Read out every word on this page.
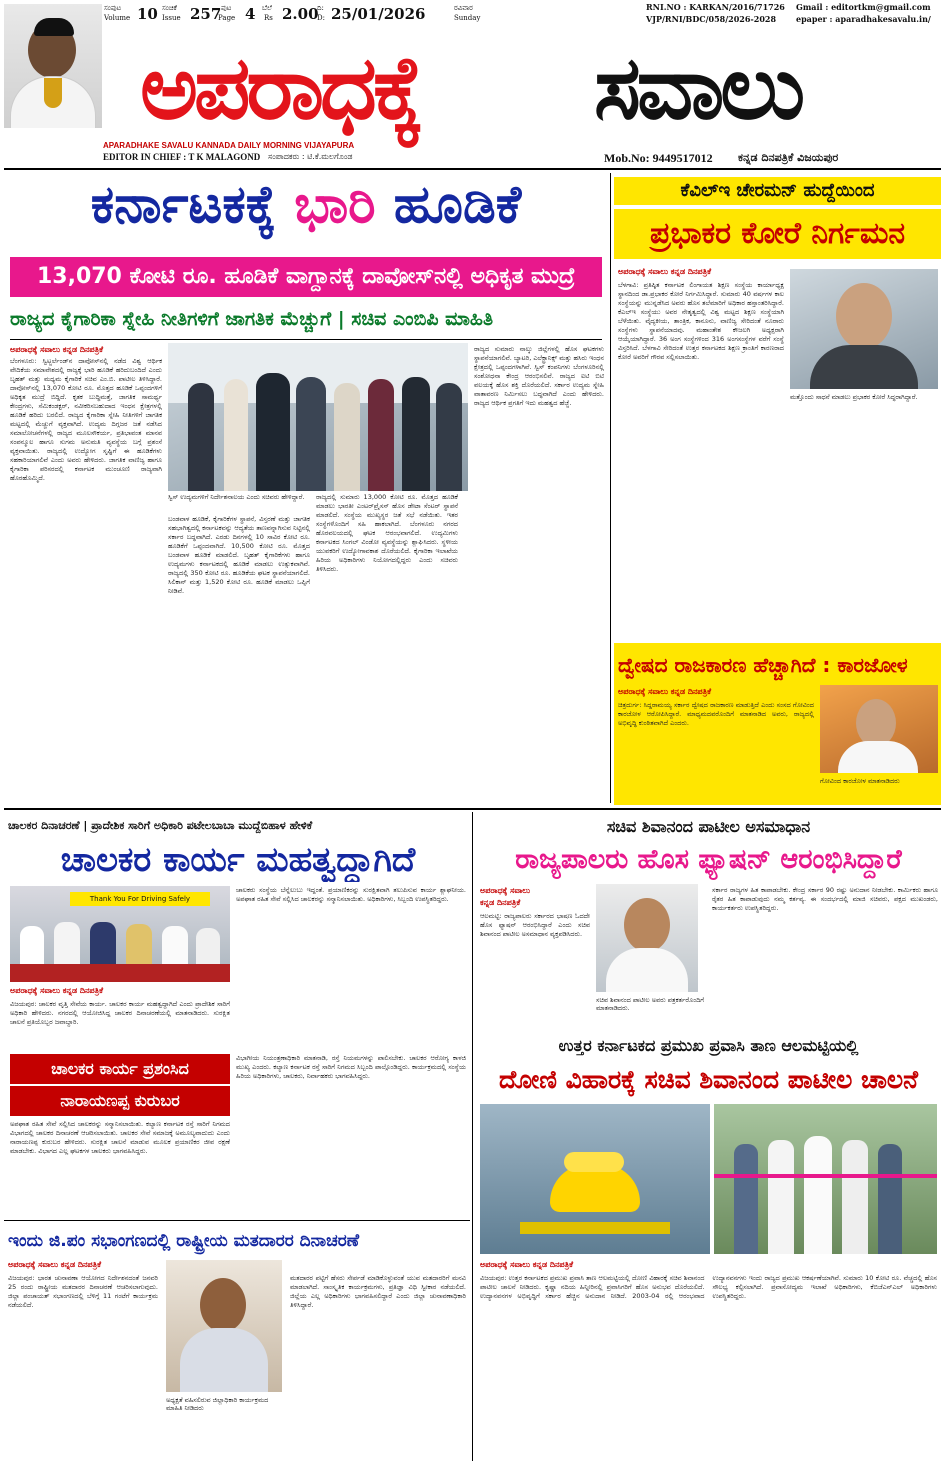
ಸಂಪುಟ
Volume 10 ಸಂಚಿಕೆ
Issue 257 ಪುಟ
Page 4 ಬೆಲೆ
Rs 2.00
ದಿ:
D: 25/01/2026	ರವಿವಾರ
Sunday
RNI.NO : KARKAN/2016/71726
VJP/RNI/BDC/058/2026-2028
Gmail : editortkm@gmail.com
epaper : aparadhakesavalu.in/
ಅಪರಾಧಕ್ಕೆ	ಸವಾಲು
APARADHAKE SAVALU KANNADA DAILY MORNING VIJAYAPURA
EDITOR IN CHIEF : T K MALAGOND ಸಂಪಾದಕರು : ಟಿ.ಕೆ.ಮಲಗೊಂಡ	Mob.No: 9449517012 ಕನ್ನಡ ದಿನಪತ್ರಿಕೆ ವಿಜಯಪುರ
ಕರ್ನಾಟಕಕ್ಕೆ ಭಾರಿ ಹೂಡಿಕೆ
13,070 ಕೋಟಿ ರೂ. ಹೂಡಿಕೆ ವಾಗ್ದಾನಕ್ಕೆ ದಾವೋಸ್‌ನಲ್ಲಿ ಅಧಿಕೃತ ಮುದ್ರೆ
ರಾಜ್ಯದ ಕೈಗಾರಿಕಾ ಸ್ನೇಹಿ ನೀತಿಗಳಿಗೆ ಜಾಗತಿಕ ಮೆಚ್ಚುಗೆ | ಸಚಿವ ಎಂಬಿಪಿ ಮಾಹಿತಿ
ಅಪರಾಧಕ್ಕೆ ಸವಾಲು ಕನ್ನಡ ದಿನಪತ್ರಿಕೆ
ಬೆಂಗಳೂರು: ಸ್ವಿಟ್ಜರ್ಲೆಂಡ್‌ನ ದಾವೋಸ್‌ನಲ್ಲಿ ನಡೆದ ವಿಶ್ವ ಆರ್ಥಿಕ ವೇದಿಕೆಯ ಸಮಾವೇಶದಲ್ಲಿ ರಾಜ್ಯಕ್ಕೆ ಭಾರಿ ಹೂಡಿಕೆ ಹರಿದುಬಂದಿದೆ ಎಂದು ಬೃಹತ್ ಮತ್ತು ಮಧ್ಯಮ ಕೈಗಾರಿಕೆ ಸಚಿವ ಎಂ.ಬಿ. ಪಾಟೀಲ ತಿಳಿಸಿದ್ದಾರೆ. ದಾವೋಸ್‌ನಲ್ಲಿ 13,070 ಕೋಟಿ ರೂ. ಮೊತ್ತದ ಹೂಡಿಕೆ ಒಪ್ಪಂದಗಳಿಗೆ ಅಧಿಕೃತ ಮುದ್ರೆ ಬಿದ್ದಿದೆ. ಕೃತಕ ಬುದ್ಧಿಮತ್ತೆ, ಜಾಗತಿಕ ಸಾಮರ್ಥ್ಯ ಕೇಂದ್ರಗಳು, ಸೆಮಿಕಂಡಕ್ಟರ್, ನವೀಕರಿಸಬಹುದಾದ ಇಂಧನ ಕ್ಷೇತ್ರಗಳಲ್ಲಿ ಹೂಡಿಕೆ ಹರಿದು ಬರಲಿದೆ. ರಾಜ್ಯದ ಕೈಗಾರಿಕಾ ಸ್ನೇಹಿ ನೀತಿಗಳಿಗೆ ಜಾಗತಿಕ ಮಟ್ಟದಲ್ಲಿ ಮೆಚ್ಚುಗೆ ವ್ಯಕ್ತವಾಗಿದೆ. ಉದ್ಯಮ ದಿಗ್ಗಜರ ಜತೆ ನಡೆಸಿದ ಸಮಾಲೋಚನೆಗಳಲ್ಲಿ ರಾಜ್ಯದ ಮೂಲಸೌಕರ್ಯ, ಪ್ರತಿಭಾವಂತ ಮಾನವ ಸಂಪನ್ಮೂಲ ಹಾಗೂ ಸುಗಮ ಅನುಮತಿ ವ್ಯವಸ್ಥೆಯ ಬಗ್ಗೆ ಪ್ರಶಂಸೆ ವ್ಯಕ್ತವಾಯಿತು. ರಾಜ್ಯದಲ್ಲಿ ಉದ್ಯೋಗ ಸೃಷ್ಟಿಗೆ ಈ ಹೂಡಿಕೆಗಳು ಸಹಕಾರಿಯಾಗಲಿವೆ ಎಂದು ಅವರು ಹೇಳಿದರು. ಜಾಗತಿಕ ವಾಣಿಜ್ಯ ಹಾಗೂ ಕೈಗಾರಿಕಾ ಪರಿಸರದಲ್ಲಿ ಕರ್ನಾಟಕ ಮುಂಚೂಣಿ ರಾಜ್ಯವಾಗಿ ಹೊರಹೊಮ್ಮಿದೆ.
ಸ್ವಿಸ್ ಉದ್ಯಮಗಳಿಗೆ ನಿರ್ದೇಶನಾಲಯ ಎಂದು ಸಚಿವರು ಹೇಳಿದ್ದಾರೆ.
ಬಂಡವಾಳ ಹೂಡಿಕೆ, ಕೈಗಾರಿಕೆಗಳ ಸ್ಥಾಪನೆ, ವಿಸ್ತರಣೆ ಮತ್ತು ಜಾಗತಿಕ ಸಹಭಾಗಿತ್ವದಲ್ಲಿ ಕರ್ನಾಟಕವನ್ನು ಆದ್ಯತೆಯ ತಾಣವನ್ನಾಗಿಸುವ ನಿಟ್ಟಿನಲ್ಲಿ ಸರ್ಕಾರ ಬದ್ಧವಾಗಿದೆ. ಎರಡು ದಿನಗಳಲ್ಲಿ 10 ಸಾವಿರ ಕೋಟಿ ರೂ. ಹೂಡಿಕೆಗೆ ಒಪ್ಪಂದವಾಗಿದೆ. 10,500 ಕೋಟಿ ರೂ. ಮೊತ್ತದ ಬಂಡವಾಳ ಹೂಡಿಕೆ ಮಾಡಲಿದೆ. ಬೃಹತ್ ಕೈಗಾರಿಕೆಗಳು ಹಾಗೂ ಉದ್ಯಮಗಳು ಕರ್ನಾಟಕದಲ್ಲಿ ಹೂಡಿಕೆ ಮಾಡಲು ಉತ್ಸುಕವಾಗಿವೆ. ರಾಜ್ಯದಲ್ಲಿ 350 ಕೋಟಿ ರೂ. ಹೂಡಿಕೆಯ ಘಟಕ ಸ್ಥಾಪನೆಯಾಗಲಿದೆ. ಸಿಲಿಕಾನ್ ಮತ್ತು 1,520 ಕೋಟಿ ರೂ. ಹೂಡಿಕೆ ಮಾಡಲು ಒಪ್ಪಿಗೆ ನೀಡಿವೆ.
ರಾಜ್ಯದಲ್ಲಿ ಸುಮಾರು 13,000 ಕೋಟಿ ರೂ. ಮೊತ್ತದ ಹೂಡಿಕೆ ಮಾಡಲು ಭಾರತೀ ಎಂಟರ್‌ಪ್ರೈಸಸ್ ಹೊಸ ಡೇಟಾ ಸೆಂಟರ್ ಸ್ಥಾಪನೆ ಮಾಡಲಿದೆ. ಸಂಸ್ಥೆಯ ಮುಖ್ಯಸ್ಥರ ಜತೆ ಸಭೆ ನಡೆಯಿತು. ಇತರ ಸಂಸ್ಥೆಗಳೊಂದಿಗೆ ಸಹಿ ಹಾಕಲಾಗಿದೆ. ಬೆಂಗಳೂರು ನಗರದ ಹೊರವಲಯದಲ್ಲಿ ಘಟಕ ಆರಂಭವಾಗಲಿದೆ. ಉದ್ಯಮಿಗಳು ಕರ್ನಾಟಕದ ಸಿಂಗಲ್ ವಿಂಡೋ ವ್ಯವಸ್ಥೆಯನ್ನು ಶ್ಲಾಘಿಸಿದರು. ಸ್ಥಳೀಯ ಯುವಕರಿಗೆ ಉದ್ಯೋಗಾವಕಾಶ ದೊರೆಯಲಿದೆ. ಕೈಗಾರಿಕಾ ಇಲಾಖೆಯ ಹಿರಿಯ ಅಧಿಕಾರಿಗಳು ನಿಯೋಗದಲ್ಲಿದ್ದರು ಎಂದು ಸಚಿವರು ತಿಳಿಸಿದರು.
ರಾಜ್ಯದ ಸುಮಾರು ನಾಲ್ಕು ಜಿಲ್ಲೆಗಳಲ್ಲಿ ಹೊಸ ಘಟಕಗಳು ಸ್ಥಾಪನೆಯಾಗಲಿವೆ. ಬ್ಯಾಟರಿ, ಎಲೆಕ್ಟ್ರಾನಿಕ್ಸ್ ಮತ್ತು ಹಸಿರು ಇಂಧನ ಕ್ಷೇತ್ರದಲ್ಲಿ ಒಪ್ಪಂದಗಳಾಗಿವೆ. ಸ್ವಿಸ್ ಕಂಪನಿಗಳು ಬೆಂಗಳೂರಿನಲ್ಲಿ ಸಂಶೋಧನಾ ಕೇಂದ್ರ ಆರಂಭಿಸಲಿವೆ. ರಾಜ್ಯದ ಐಟಿ ಬಿಟಿ ವಲಯಕ್ಕೆ ಹೊಸ ಶಕ್ತಿ ದೊರೆಯಲಿದೆ. ಸರ್ಕಾರ ಉದ್ಯಮ ಸ್ನೇಹಿ ವಾತಾವರಣ ನಿರ್ಮಿಸಲು ಬದ್ಧವಾಗಿದೆ ಎಂದು ಹೇಳಿದರು. ರಾಜ್ಯದ ಆರ್ಥಿಕ ಪ್ರಗತಿಗೆ ಇದು ಮಹತ್ವದ ಹೆಜ್ಜೆ.
ಕೆವಿಲ್ಇ ಚೇರಮನ್ ಹುದ್ದೆಯಿಂದ
ಪ್ರಭಾಕರ ಕೋರೆ ನಿರ್ಗಮನ
ಅಪರಾಧಕ್ಕೆ ಸವಾಲು ಕನ್ನಡ ದಿನಪತ್ರಿಕೆ
ಬೆಳಗಾವಿ: ಪ್ರತಿಷ್ಠಿತ ಕರ್ನಾಟಕ ಲಿಂಗಾಯತ ಶಿಕ್ಷಣ ಸಂಸ್ಥೆಯ ಕಾರ್ಯಾಧ್ಯಕ್ಷ ಸ್ಥಾನದಿಂದ ಡಾ.ಪ್ರಭಾಕರ ಕೋರೆ ನಿರ್ಗಮಿಸಿದ್ದಾರೆ. ಸುಮಾರು 40 ವರ್ಷಗಳ ಕಾಲ ಸಂಸ್ಥೆಯನ್ನು ಮುನ್ನಡೆಸಿದ ಅವರು ಹೊಸ ತಲೆಮಾರಿಗೆ ಅಧಿಕಾರ ಹಸ್ತಾಂತರಿಸಿದ್ದಾರೆ. ಕೆಎಲ್‌ಇ ಸಂಸ್ಥೆಯು ಅವರ ನೇತೃತ್ವದಲ್ಲಿ ವಿಶ್ವ ಮಟ್ಟದ ಶಿಕ್ಷಣ ಸಂಸ್ಥೆಯಾಗಿ ಬೆಳೆಯಿತು. ವೈದ್ಯಕೀಯ, ತಾಂತ್ರಿಕ, ಕಾನೂನು, ವಾಣಿಜ್ಯ ಸೇರಿದಂತೆ ನೂರಾರು ಸಂಸ್ಥೆಗಳು ಸ್ಥಾಪನೆಯಾದವು. ಮಹಾಂತೇಶ ಕೌಜಲಗಿ ಅಧ್ಯಕ್ಷರಾಗಿ ಆಯ್ಕೆಯಾಗಿದ್ದಾರೆ. 36 ಅಂಗ ಸಂಸ್ಥೆಗಳಿಂದ 316 ಅಂಗಸಂಸ್ಥೆಗಳ ವರೆಗೆ ಸಂಸ್ಥೆ ವಿಸ್ತರಿಸಿದೆ. ಬೆಳಗಾವಿ ಸೇರಿದಂತೆ ಉತ್ತರ ಕರ್ನಾಟಕದ ಶಿಕ್ಷಣ ಕ್ರಾಂತಿಗೆ ಕಾರಣರಾದ ಕೋರೆ ಅವರಿಗೆ ಗೌರವ ಸಲ್ಲಿಸಲಾಯಿತು.
ಮತ್ತೊಂದು ಸಾಧನೆ ಮಾಡಲು ಪ್ರಭಾಕರ ಕೋರೆ ಸಿದ್ಧರಾಗಿದ್ದಾರೆ.
ದ್ವೇಷದ ರಾಜಕಾರಣ ಹೆಚ್ಚಾಗಿದೆ : ಕಾರಜೋಳ
ಅಪರಾಧಕ್ಕೆ ಸವಾಲು ಕನ್ನಡ ದಿನಪತ್ರಿಕೆ
ಚಿತ್ರದುರ್ಗ: ಸಿದ್ದರಾಮಯ್ಯ ಸರ್ಕಾರ ದ್ವೇಷದ ರಾಜಕಾರಣ ಮಾಡುತ್ತಿದೆ ಎಂದು ಸಂಸದ ಗೋವಿಂದ ಕಾರಜೋಳ ಆರೋಪಿಸಿದ್ದಾರೆ. ಮಾಧ್ಯಮದವರೊಂದಿಗೆ ಮಾತನಾಡಿದ ಅವರು, ರಾಜ್ಯದಲ್ಲಿ ಅಭಿವೃದ್ಧಿ ಕುಂಠಿತವಾಗಿದೆ ಎಂದರು.
ಗೋವಿಂದ ಕಾರಜೋಳ ಮಾತನಾಡಿದರು
ಚಾಲಕರ ದಿನಾಚರಣೆ | ಪ್ರಾದೇಶಿಕ ಸಾರಿಗೆ ಅಧಿಕಾರಿ ಪಟೇಲಬಾಬಾ ಮುದ್ದೆಬಿಹಾಳ ಹೇಳಿಕೆ
ಚಾಲಕರ ಕಾರ್ಯ ಮಹತ್ವದ್ದಾಗಿದೆ
Thank You For Driving Safely
ಅಪರಾಧಕ್ಕೆ ಸವಾಲು ಕನ್ನಡ ದಿನಪತ್ರಿಕೆ
ವಿಜಯಪುರ: ಚಾಲಕರ ವೃತ್ತಿ ಸೇವೆಯ ಕಾರ್ಯ. ಚಾಲಕರ ಕಾರ್ಯ ಮಹತ್ವದ್ದಾಗಿದೆ ಎಂದು ಪ್ರಾದೇಶಿಕ ಸಾರಿಗೆ ಅಧಿಕಾರಿ ಹೇಳಿದರು. ನಗರದಲ್ಲಿ ಆಯೋಜಿಸಿದ್ದ ಚಾಲಕರ ದಿನಾಚರಣೆಯಲ್ಲಿ ಮಾತನಾಡಿದರು. ಸುರಕ್ಷಿತ ಚಾಲನೆ ಪ್ರತಿಯೊಬ್ಬರ ಜವಾಬ್ದಾರಿ.
ಚಾಲಕರು ಸಂಸ್ಥೆಯ ಬೆನ್ನೆಲುಬು ಇದ್ದಂತೆ. ಪ್ರಯಾಣಿಕರನ್ನು ಸುರಕ್ಷಿತವಾಗಿ ತಲುಪಿಸುವ ಕಾರ್ಯ ಶ್ಲಾಘನೀಯ. ಅಪಘಾತ ರಹಿತ ಸೇವೆ ಸಲ್ಲಿಸಿದ ಚಾಲಕರನ್ನು ಸನ್ಮಾನಿಸಲಾಯಿತು. ಅಧಿಕಾರಿಗಳು, ಸಿಬ್ಬಂದಿ ಉಪಸ್ಥಿತರಿದ್ದರು.
ಚಾಲಕರ ಕಾರ್ಯ ಪ್ರಶಂಸಿದ
ನಾರಾಯಣಪ್ಪ ಕುರುಬರ
ಅಪಘಾತ ರಹಿತ ಸೇವೆ ಸಲ್ಲಿಸಿದ ಚಾಲಕರನ್ನು ಸನ್ಮಾನಿಸಲಾಯಿತು. ಕಲ್ಯಾಣ ಕರ್ನಾಟಕ ರಸ್ತೆ ಸಾರಿಗೆ ನಿಗಮದ ವಿಭಾಗದಲ್ಲಿ ಚಾಲಕರ ದಿನಾಚರಣೆ ಆಚರಿಸಲಾಯಿತು. ಚಾಲಕರ ಸೇವೆ ಸಮಾಜಕ್ಕೆ ಅಮೂಲ್ಯವಾದುದು ಎಂದು ನಾರಾಯಣಪ್ಪ ಕುರುಬರ ಹೇಳಿದರು. ಸುರಕ್ಷಿತ ಚಾಲನೆ ಮಾಡುವ ಮೂಲಕ ಪ್ರಯಾಣಿಕರ ಜೀವ ರಕ್ಷಣೆ ಮಾಡಬೇಕು. ವಿಭಾಗದ ಎಲ್ಲ ಘಟಕಗಳ ಚಾಲಕರು ಭಾಗವಹಿಸಿದ್ದರು.
ವಿಭಾಗೀಯ ನಿಯಂತ್ರಣಾಧಿಕಾರಿ ಮಾತನಾಡಿ, ರಸ್ತೆ ನಿಯಮಗಳನ್ನು ಪಾಲಿಸಬೇಕು. ಚಾಲಕರ ಆರೋಗ್ಯ ಕಾಳಜಿ ಮುಖ್ಯ ಎಂದರು. ಕಲ್ಯಾಣ ಕರ್ನಾಟಕ ರಸ್ತೆ ಸಾರಿಗೆ ನಿಗಮದ ಸಿಬ್ಬಂದಿ ಪಾಲ್ಗೊಂಡಿದ್ದರು. ಕಾರ್ಯಕ್ರಮದಲ್ಲಿ ಸಂಸ್ಥೆಯ ಹಿರಿಯ ಅಧಿಕಾರಿಗಳು, ಚಾಲಕರು, ನಿರ್ವಾಹಕರು ಭಾಗವಹಿಸಿದ್ದರು.
ಸಚಿವ ಶಿವಾನಂದ ಪಾಟೀಲ ಅಸಮಾಧಾನ
ರಾಜ್ಯಪಾಲರು ಹೊಸ ಫ್ಯಾಷನ್ ಆರಂಭಿಸಿದ್ದಾರೆ
ಅಪರಾಧಕ್ಕೆ ಸವಾಲು
ಕನ್ನಡ ದಿನಪತ್ರಿಕೆ
ಆಲಮಟ್ಟಿ: ರಾಜ್ಯಪಾಲರು ಸರ್ಕಾರದ ಭಾಷಣ ಓದದೇ ಹೊಸ ಫ್ಯಾಷನ್ ಆರಂಭಿಸಿದ್ದಾರೆ ಎಂದು ಸಚಿವ ಶಿವಾನಂದ ಪಾಟೀಲ ಅಸಮಾಧಾನ ವ್ಯಕ್ತಪಡಿಸಿದರು.
ಸಚಿವ ಶಿವಾನಂದ ಪಾಟೀಲ ಅವರು ಪತ್ರಕರ್ತರೊಂದಿಗೆ ಮಾತನಾಡಿದರು.
ಸರ್ಕಾರ ರಾಜ್ಯಗಳ ಹಿತ ಕಾಪಾಡಬೇಕು. ಕೇಂದ್ರ ಸರ್ಕಾರ 90 ರಷ್ಟು ಅನುದಾನ ನೀಡಬೇಕು. ಕಾರ್ಮಿಕರು ಹಾಗೂ ರೈತರ ಹಿತ ಕಾಪಾಡುವುದು ನಮ್ಮ ಕರ್ತವ್ಯ. ಈ ಸಂದರ್ಭದಲ್ಲಿ ಮಾಜಿ ಸಚಿವರು, ಪಕ್ಷದ ಮುಖಂಡರು, ಕಾರ್ಯಕರ್ತರು ಉಪಸ್ಥಿತರಿದ್ದರು.
ಉತ್ತರ ಕರ್ನಾಟಕದ ಪ್ರಮುಖ ಪ್ರವಾಸಿ ತಾಣ ಆಲಮಟ್ಟಿಯಲ್ಲಿ
ದೋಣಿ ವಿಹಾರಕ್ಕೆ ಸಚಿವ ಶಿವಾನಂದ ಪಾಟೀಲ ಚಾಲನೆ
ಅಪರಾಧಕ್ಕೆ ಸವಾಲು ಕನ್ನಡ ದಿನಪತ್ರಿಕೆ
ವಿಜಯಪುರ: ಉತ್ತರ ಕರ್ನಾಟಕದ ಪ್ರಮುಖ ಪ್ರವಾಸಿ ತಾಣ ಆಲಮಟ್ಟಿಯಲ್ಲಿ ದೋಣಿ ವಿಹಾರಕ್ಕೆ ಸಚಿವ ಶಿವಾನಂದ ಪಾಟೀಲ ಚಾಲನೆ ನೀಡಿದರು. ಕೃಷ್ಣಾ ನದಿಯ ಹಿನ್ನೀರಿನಲ್ಲಿ ಪ್ರವಾಸಿಗರಿಗೆ ಹೊಸ ಅನುಭವ ದೊರೆಯಲಿದೆ. ಉದ್ಯಾನವನಗಳ ಅಭಿವೃದ್ಧಿಗೆ ಸರ್ಕಾರ ಹೆಚ್ಚಿನ ಅನುದಾನ ನೀಡಿದೆ. 2003-04 ರಲ್ಲಿ ಆರಂಭವಾದ ಉದ್ಯಾನವನಗಳು ಇಂದು ರಾಜ್ಯದ ಪ್ರಮುಖ ಆಕರ್ಷಣೆಯಾಗಿವೆ. ಸುಮಾರು 10 ಕೋಟಿ ರೂ. ವೆಚ್ಚದಲ್ಲಿ ಹೊಸ ಸೌಲಭ್ಯ ಕಲ್ಪಿಸಲಾಗಿದೆ. ಪ್ರವಾಸೋದ್ಯಮ ಇಲಾಖೆ ಅಧಿಕಾರಿಗಳು, ಕೆಬಿಜೆಎನ್‌ಎಲ್ ಅಧಿಕಾರಿಗಳು ಉಪಸ್ಥಿತರಿದ್ದರು.
ಇಂದು ಜಿ.ಪಂ ಸಭಾಂಗಣದಲ್ಲಿ ರಾಷ್ಟ್ರೀಯ ಮತದಾರರ ದಿನಾಚರಣೆ
ಅಪರಾಧಕ್ಕೆ ಸವಾಲು ಕನ್ನಡ ದಿನಪತ್ರಿಕೆ
ವಿಜಯಪುರ: ಭಾರತ ಚುನಾವಣಾ ಆಯೋಗದ ನಿರ್ದೇಶನದಂತೆ ಜನವರಿ 25 ರಂದು ರಾಷ್ಟ್ರೀಯ ಮತದಾರರ ದಿನಾಚರಣೆ ಆಚರಿಸಲಾಗುವುದು. ಜಿಲ್ಲಾ ಪಂಚಾಯತ್ ಸಭಾಂಗಣದಲ್ಲಿ ಬೆಳಿಗ್ಗೆ 11 ಗಂಟೆಗೆ ಕಾರ್ಯಕ್ರಮ ನಡೆಯಲಿದೆ.
ಅಧ್ಯಕ್ಷತೆ ವಹಿಸಲಿರುವ ಜಿಲ್ಲಾಧಿಕಾರಿ ಕಾರ್ಯಕ್ರಮದ ಮಾಹಿತಿ ನೀಡಿದರು
ಮತದಾರರ ಪಟ್ಟಿಗೆ ಹೆಸರು ಸೇರ್ಪಡೆ ಮಾಡಿಕೊಳ್ಳುವಂತೆ ಯುವ ಮತದಾರರಿಗೆ ಮನವಿ ಮಾಡಲಾಗಿದೆ. ಸಾಂಸ್ಕೃತಿಕ ಕಾರ್ಯಕ್ರಮಗಳು, ಪ್ರತಿಜ್ಞಾ ವಿಧಿ ಸ್ವೀಕಾರ ನಡೆಯಲಿದೆ. ಜಿಲ್ಲೆಯ ಎಲ್ಲ ಅಧಿಕಾರಿಗಳು ಭಾಗವಹಿಸಲಿದ್ದಾರೆ ಎಂದು ಜಿಲ್ಲಾ ಚುನಾವಣಾಧಿಕಾರಿ ತಿಳಿಸಿದ್ದಾರೆ.
